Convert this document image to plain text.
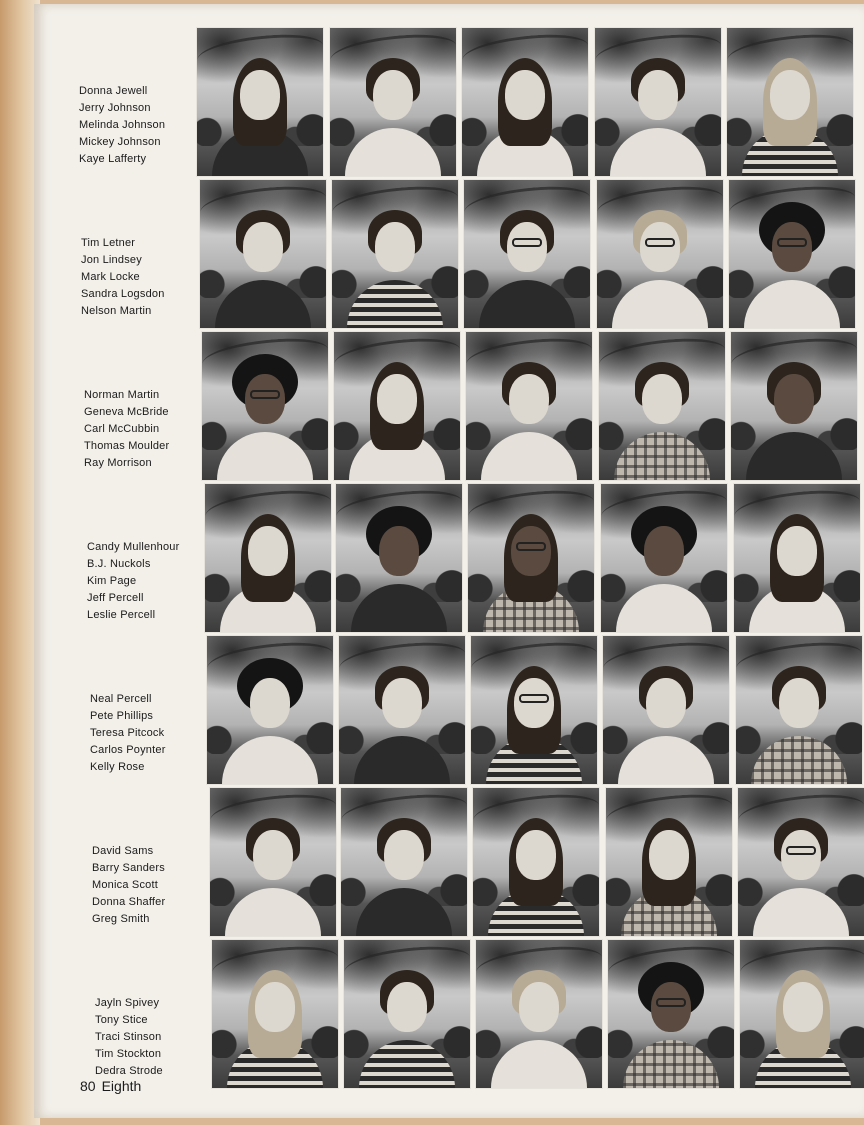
Donna Jewell
Jerry Johnson
Melinda Johnson
Mickey Johnson
Kaye Lafferty
Tim Letner
Jon Lindsey
Mark Locke
Sandra Logsdon
Nelson Martin
Norman Martin
Geneva McBride
Carl McCubbin
Thomas Moulder
Ray Morrison
Candy Mullenhour
B.J. Nuckols
Kim Page
Jeff Percell
Leslie Percell
Neal Percell
Pete Phillips
Teresa Pitcock
Carlos Poynter
Kelly Rose
David Sams
Barry Sanders
Monica Scott
Donna Shaffer
Greg Smith
Jayln Spivey
Tony Stice
Traci Stinson
Tim Stockton
Dedra Strode
80 Eighth
